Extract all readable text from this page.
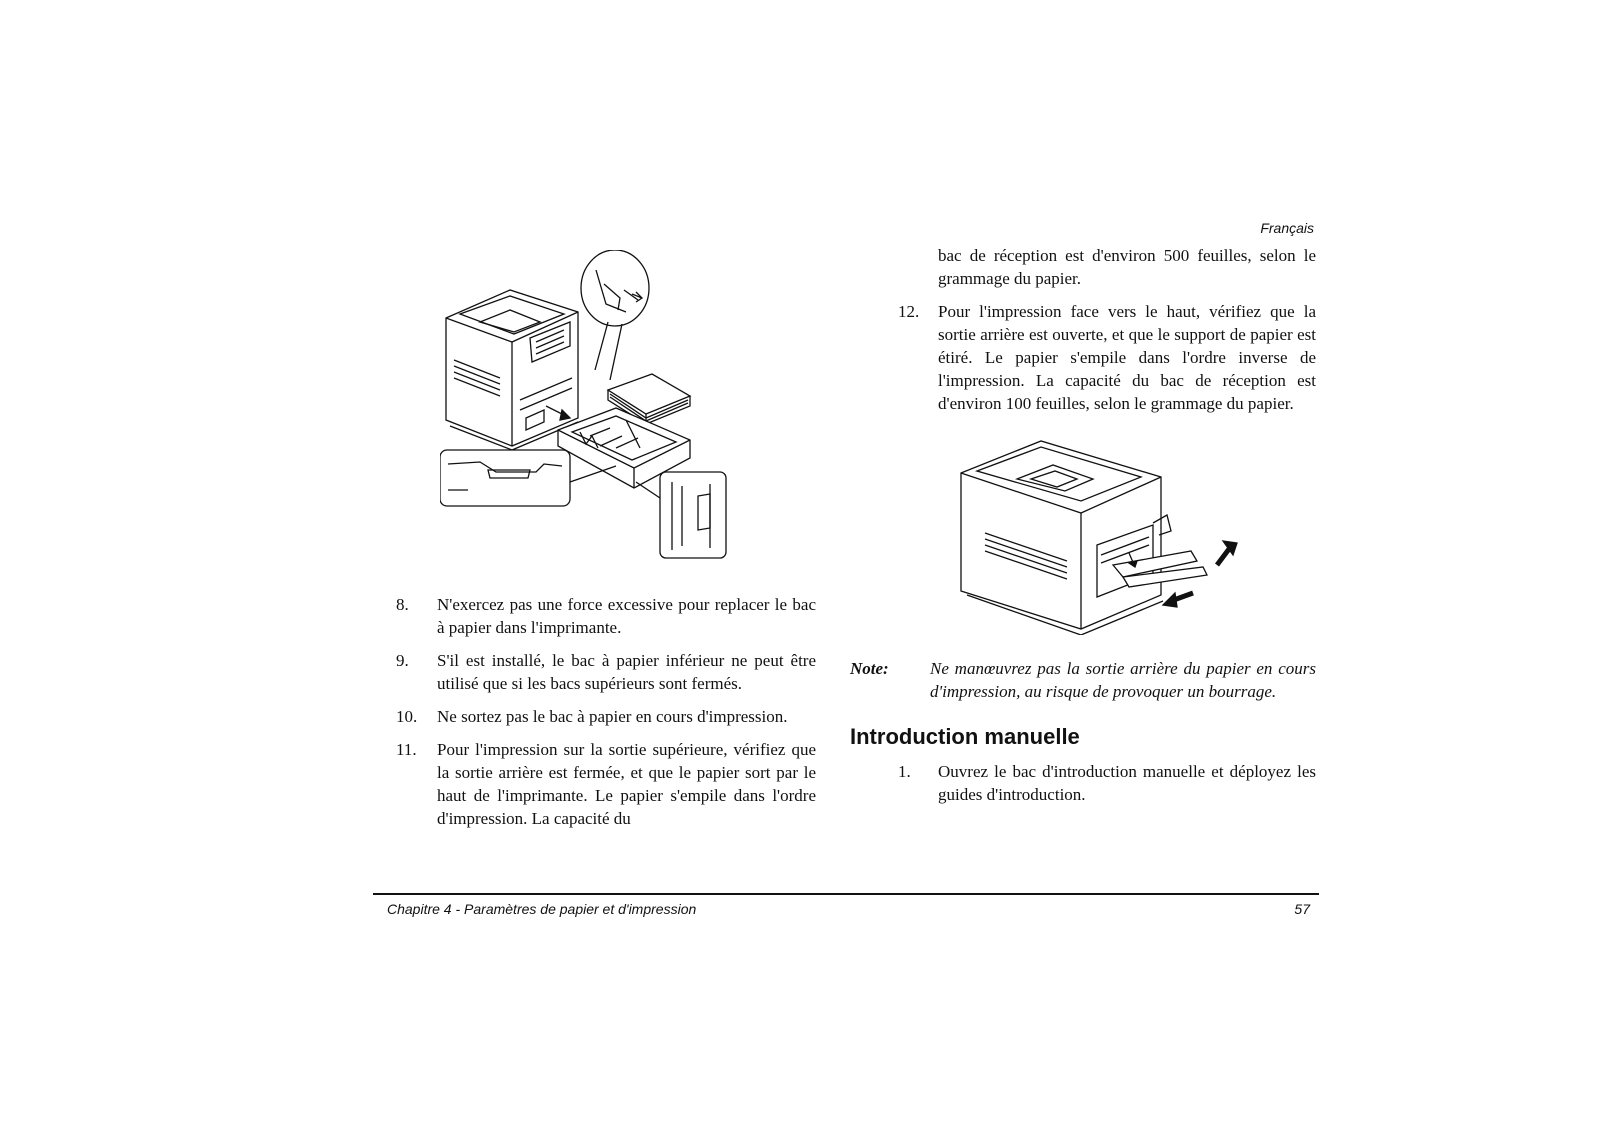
Français
8. N'exercez pas une force excessive pour replacer le bac à papier dans l'imprimante.
9. S'il est installé, le bac à papier inférieur ne peut être utilisé que si les bacs supérieurs sont fermés.
10. Ne sortez pas le bac à papier en cours d'impression.
11. Pour l'impression sur la sortie supérieure, vérifiez que la sortie arrière est fermée, et que le papier sort par le haut de l'imprimante. Le papier s'empile dans l'ordre d'impression. La capacité du
bac de réception est d'environ 500 feuilles, selon le grammage du papier.
12. Pour l'impression face vers le haut, vérifiez que la sortie arrière est ouverte, et que le support de papier est étiré. Le papier s'empile dans l'ordre inverse de l'impression. La capacité du bac de réception est d'environ 100 feuilles, selon le grammage du papier.
Note: Ne manœuvrez pas la sortie arrière du papier en cours d'impression, au risque de provoquer un bourrage.
Introduction manuelle
1. Ouvrez le bac d'introduction manuelle et déployez les guides d'introduction.
Chapitre 4 - Paramètres de papier et d'impression	57
